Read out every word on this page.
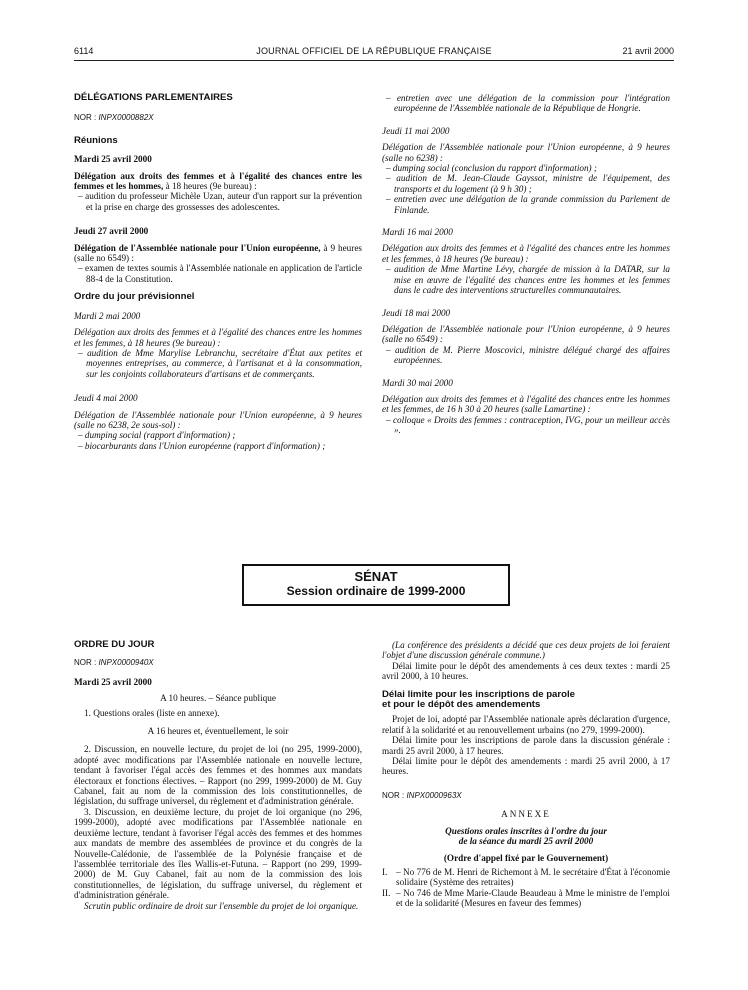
6114	JOURNAL OFFICIEL DE LA RÉPUBLIQUE FRANÇAISE	21 avril 2000

DÉLÉGATIONS PARLEMENTAIRES

NOR : INPX0000882X

Réunions

Mardi 25 avril 2000

Délégation aux droits des femmes et à l'égalité des chances entre les femmes et les hommes, à 18 heures (9e bureau) :

– audition du professeur Michèle Uzan, auteur d'un rapport sur la prévention et la prise en charge des grossesses des adolescentes.

Jeudi 27 avril 2000

Délégation de l'Assemblée nationale pour l'Union européenne, à 9 heures (salle no 6549) :

– examen de textes soumis à l'Assemblée nationale en application de l'article 88-4 de la Constitution.

Ordre du jour prévisionnel

Mardi 2 mai 2000

Délégation aux droits des femmes et à l'égalité des chances entre les hommes et les femmes, à 18 heures (9e bureau) :

– audition de Mme Marylise Lebranchu, secrétaire d'État aux petites et moyennes entreprises, au commerce, à l'artisanat et à la consommation, sur les conjoints collaborateurs d'artisans et de commerçants.

Jeudi 4 mai 2000

Délégation de l'Assemblée nationale pour l'Union européenne, à 9 heures (salle no 6238, 2e sous-sol) :

– dumping social (rapport d'information) ;

– biocarburants dans l'Union européenne (rapport d'information) ;

– entretien avec une délégation de la commission pour l'intégration européenne de l'Assemblée nationale de la République de Hongrie.

Jeudi 11 mai 2000

Délégation de l'Assemblée nationale pour l'Union européenne, à 9 heures (salle no 6238) :

– dumping social (conclusion du rapport d'information) ;

– audition de M. Jean-Claude Gayssot, ministre de l'équipement, des transports et du logement (à 9 h 30) ;

– entretien avec une délégation de la grande commission du Parlement de Finlande.

Mardi 16 mai 2000

Délégation aux droits des femmes et à l'égalité des chances entre les hommes et les femmes, à 18 heures (9e bureau) :

– audition de Mme Martine Lévy, chargée de mission à la DATAR, sur la mise en œuvre de l'égalité des chances entre les hommes et les femmes dans le cadre des interventions structurelles communautaires.

Jeudi 18 mai 2000

Délégation de l'Assemblée nationale pour l'Union européenne, à 9 heures (salle no 6549) :

– audition de M. Pierre Moscovici, ministre délégué chargé des affaires européennes.

Mardi 30 mai 2000

Délégation aux droits des femmes et à l'égalité des chances entre les hommes et les femmes, de 16 h 30 à 20 heures (salle Lamartine) :

– colloque « Droits des femmes : contraception, IVG, pour un meilleur accès ».

SÉNAT
Session ordinaire de 1999-2000

ORDRE DU JOUR

NOR : INPX0000940X

Mardi 25 avril 2000

A 10 heures. – Séance publique

1. Questions orales (liste en annexe).

A 16 heures et, éventuellement, le soir

2. Discussion, en nouvelle lecture, du projet de loi (no 295, 1999-2000), adopté avec modifications par l'Assemblée nationale en nouvelle lecture, tendant à favoriser l'égal accès des femmes et des hommes aux mandats électoraux et fonctions électives. – Rapport (no 299, 1999-2000) de M. Guy Cabanel, fait au nom de la commission des lois constitutionnelles, de législation, du suffrage universel, du règlement et d'administration générale.

3. Discussion, en deuxième lecture, du projet de loi organique (no 296, 1999-2000), adopté avec modifications par l'Assemblée nationale en deuxième lecture, tendant à favoriser l'égal accès des femmes et des hommes aux mandats de membre des assemblées de province et du congrès de la Nouvelle-Calédonie, de l'assemblée de la Polynésie française et de l'assemblée territoriale des îles Wallis-et-Futuna. – Rapport (no 299, 1999-2000) de M. Guy Cabanel, fait au nom de la commission des lois constitutionnelles, de législation, du suffrage universel, du règlement et d'administration générale.

Scrutin public ordinaire de droit sur l'ensemble du projet de loi organique.

(La conférence des présidents a décidé que ces deux projets de loi feraient l'objet d'une discussion générale commune.)

Délai limite pour le dépôt des amendements à ces deux textes : mardi 25 avril 2000, à 10 heures.

Délai limite pour les inscriptions de parole

et pour le dépôt des amendements

Projet de loi, adopté par l'Assemblée nationale après déclaration d'urgence, relatif à la solidarité et au renouvellement urbains (no 279, 1999-2000).

Délai limite pour les inscriptions de parole dans la discussion générale : mardi 25 avril 2000, à 17 heures.

Délai limite pour le dépôt des amendements : mardi 25 avril 2000, à 17 heures.

NOR : INPX0000963X

ANNEXE

Questions orales inscrites à l'ordre du jour

de la séance du mardi 25 avril 2000

(Ordre d'appel fixé par le Gouvernement)

I. – No 776 de M. Henri de Richemont à M. le secrétaire d'État à l'économie solidaire (Système des retraites)

II. – No 746 de Mme Marie-Claude Beaudeau à Mme le ministre de l'emploi et de la solidarité (Mesures en faveur des femmes)
